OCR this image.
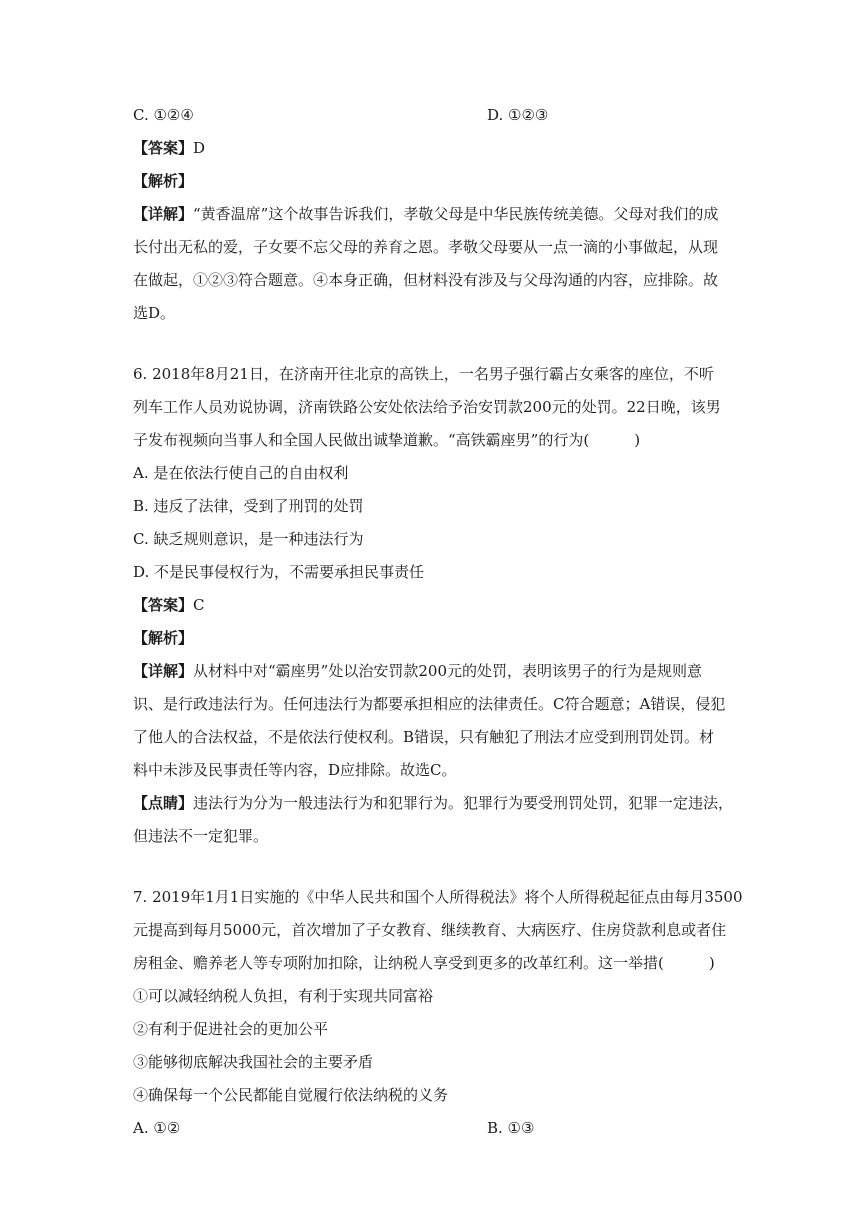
C. ①②④	D. ①②③
【答案】D
【解析】
【详解】“黄香温席”这个故事告诉我们，孝敬父母是中华民族传统美德。父母对我们的成
长付出无私的爱，子女要不忘父母的养育之恩。孝敬父母要从一点一滴的小事做起，从现
在做起，①②③符合题意。④本身正确，但材料没有涉及与父母沟通的内容，应排除。故
选D。
6. 2018年8月21日，在济南开往北京的高铁上，一名男子强行霸占女乘客的座位，不听
列车工作人员劝说协调，济南铁路公安处依法给予治安罚款200元的处罚。22日晚，该男
子发布视频向当事人和全国人民做出诚挚道歉。“高铁霸座男”的行为(　　　)
A. 是在依法行使自己的自由权利
B. 违反了法律，受到了刑罚的处罚
C. 缺乏规则意识，是一种违法行为
D. 不是民事侵权行为，不需要承担民事责任
【答案】C
【解析】
【详解】从材料中对“霸座男”处以治安罚款200元的处罚，表明该男子的行为是规则意
识、是行政违法行为。任何违法行为都要承担相应的法律责任。C符合题意；A错误，侵犯
了他人的合法权益，不是依法行使权利。B错误，只有触犯了刑法才应受到刑罚处罚。材
料中未涉及民事责任等内容，D应排除。故选C。
【点睛】违法行为分为一般违法行为和犯罪行为。犯罪行为要受刑罚处罚，犯罪一定违法，
但违法不一定犯罪。
7. 2019年1月1日实施的《中华人民共和国个人所得税法》将个人所得税起征点由每月3500
元提高到每月5000元，首次增加了子女教育、继续教育、大病医疗、住房贷款利息或者住
房租金、赡养老人等专项附加扣除，让纳税人享受到更多的改革红利。这一举措(　　　)
①可以减轻纳税人负担，有利于实现共同富裕
②有利于促进社会的更加公平
③能够彻底解决我国社会的主要矛盾
④确保每一个公民都能自觉履行依法纳税的义务
A. ①②	B. ①③
